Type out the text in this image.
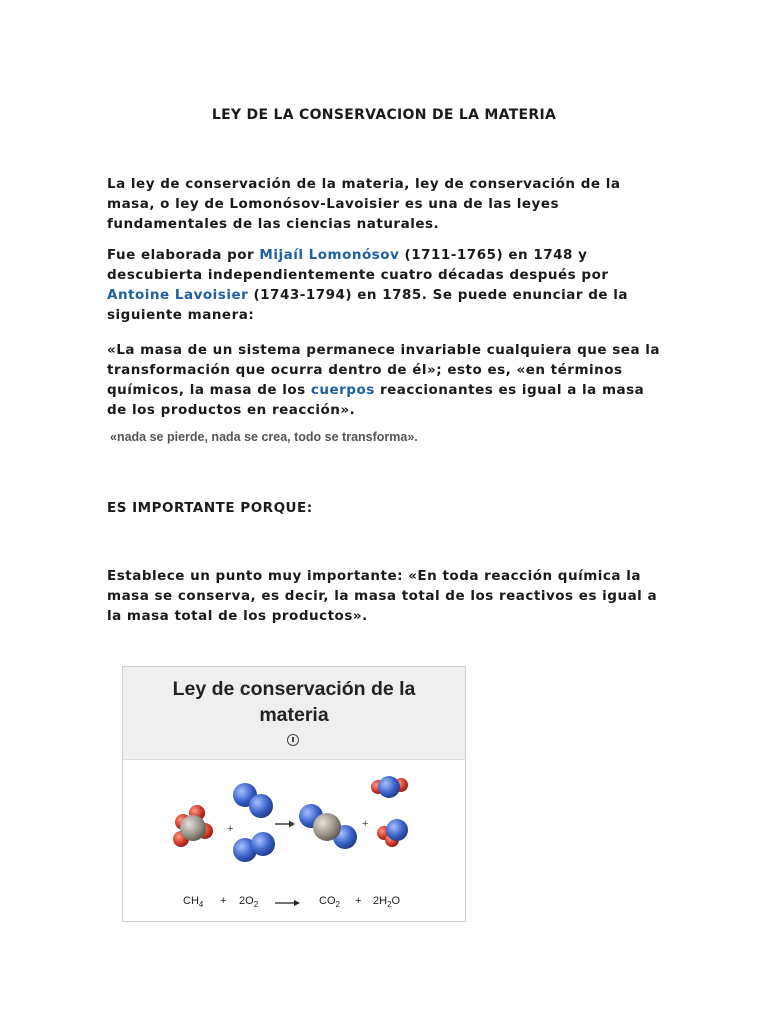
LEY DE LA CONSERVACION DE LA MATERIA

La ley de conservación de la materia, ley de conservación de la masa, o ley de Lomonósov-Lavoisier es una de las leyes fundamentales de las ciencias naturales.

Fue elaborada por Mijaíl Lomonósov (1711-1765) en 1748 y descubierta independientemente cuatro décadas después por Antoine Lavoisier (1743-1794) en 1785. Se puede enunciar de la siguiente manera:

«La masa de un sistema permanece invariable cualquiera que sea la transformación que ocurra dentro de él»; esto es, «en términos químicos, la masa de los cuerpos reaccionantes es igual a la masa de los productos en reacción».

«nada se pierde, nada se crea, todo se transforma».
ES IMPORTANTE PORQUE:

Establece un punto muy importante: «En toda reacción química la masa se conserva, es decir, la masa total de los reactivos es igual a la masa total de los productos».

Ley de conservación de la materia
+	+
$CH_4 + 2O_2$	$CO_2 + 2H_2O$
